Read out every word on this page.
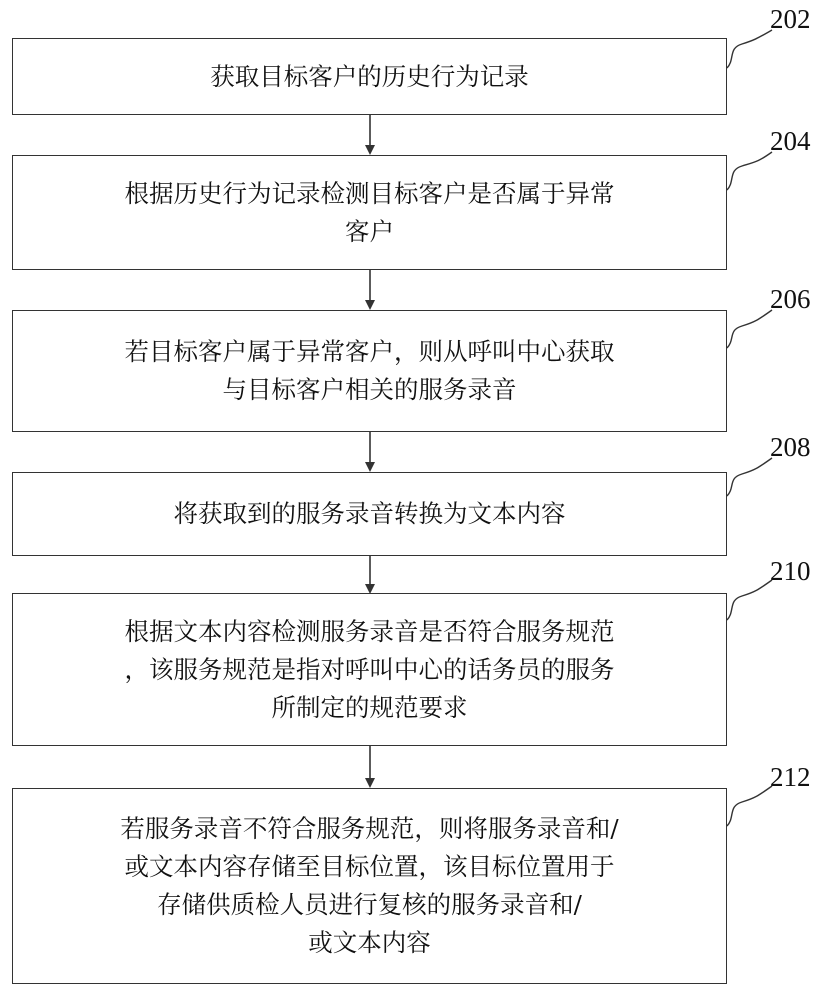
202
204
206
208
210
212
获取目标客户的历史行为记录
根据历史行为记录检测目标客户是否属于异常
客户
若目标客户属于异常客户，则从呼叫中心获取
与目标客户相关的服务录音
将获取到的服务录音转换为文本内容
根据文本内容检测服务录音是否符合服务规范
，该服务规范是指对呼叫中心的话务员的服务
所制定的规范要求
若服务录音不符合服务规范，则将服务录音和/
或文本内容存储至目标位置，该目标位置用于
存储供质检人员进行复核的服务录音和/
或文本内容
